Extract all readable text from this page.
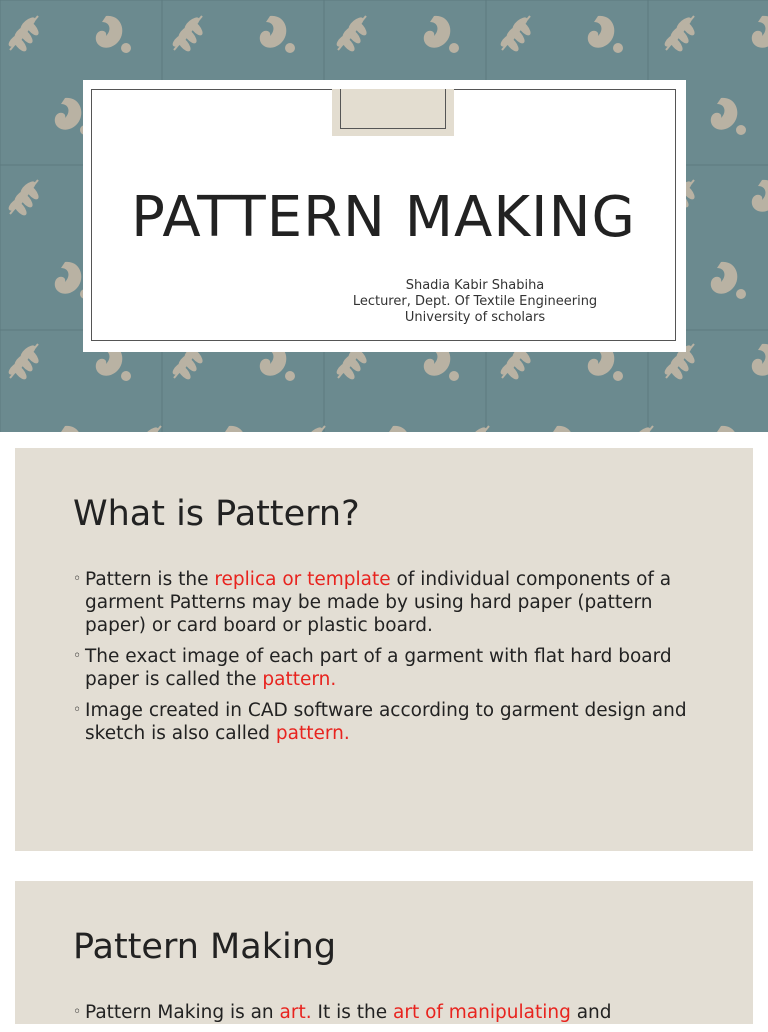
PATTERN MAKING
Shadia Kabir Shabiha
Lecturer, Dept. Of Textile Engineering
University of scholars
What is Pattern?
◦ Pattern is the replica or template of individual components of a garment Patterns may be made by using hard paper (pattern paper) or card board or plastic board.
◦ The exact image of each part of a garment with flat hard board paper is called the pattern.
◦ Image created in CAD software according to garment design and sketch is also called pattern.
Pattern Making
◦ Pattern Making is an art. It is the art of manipulating and
